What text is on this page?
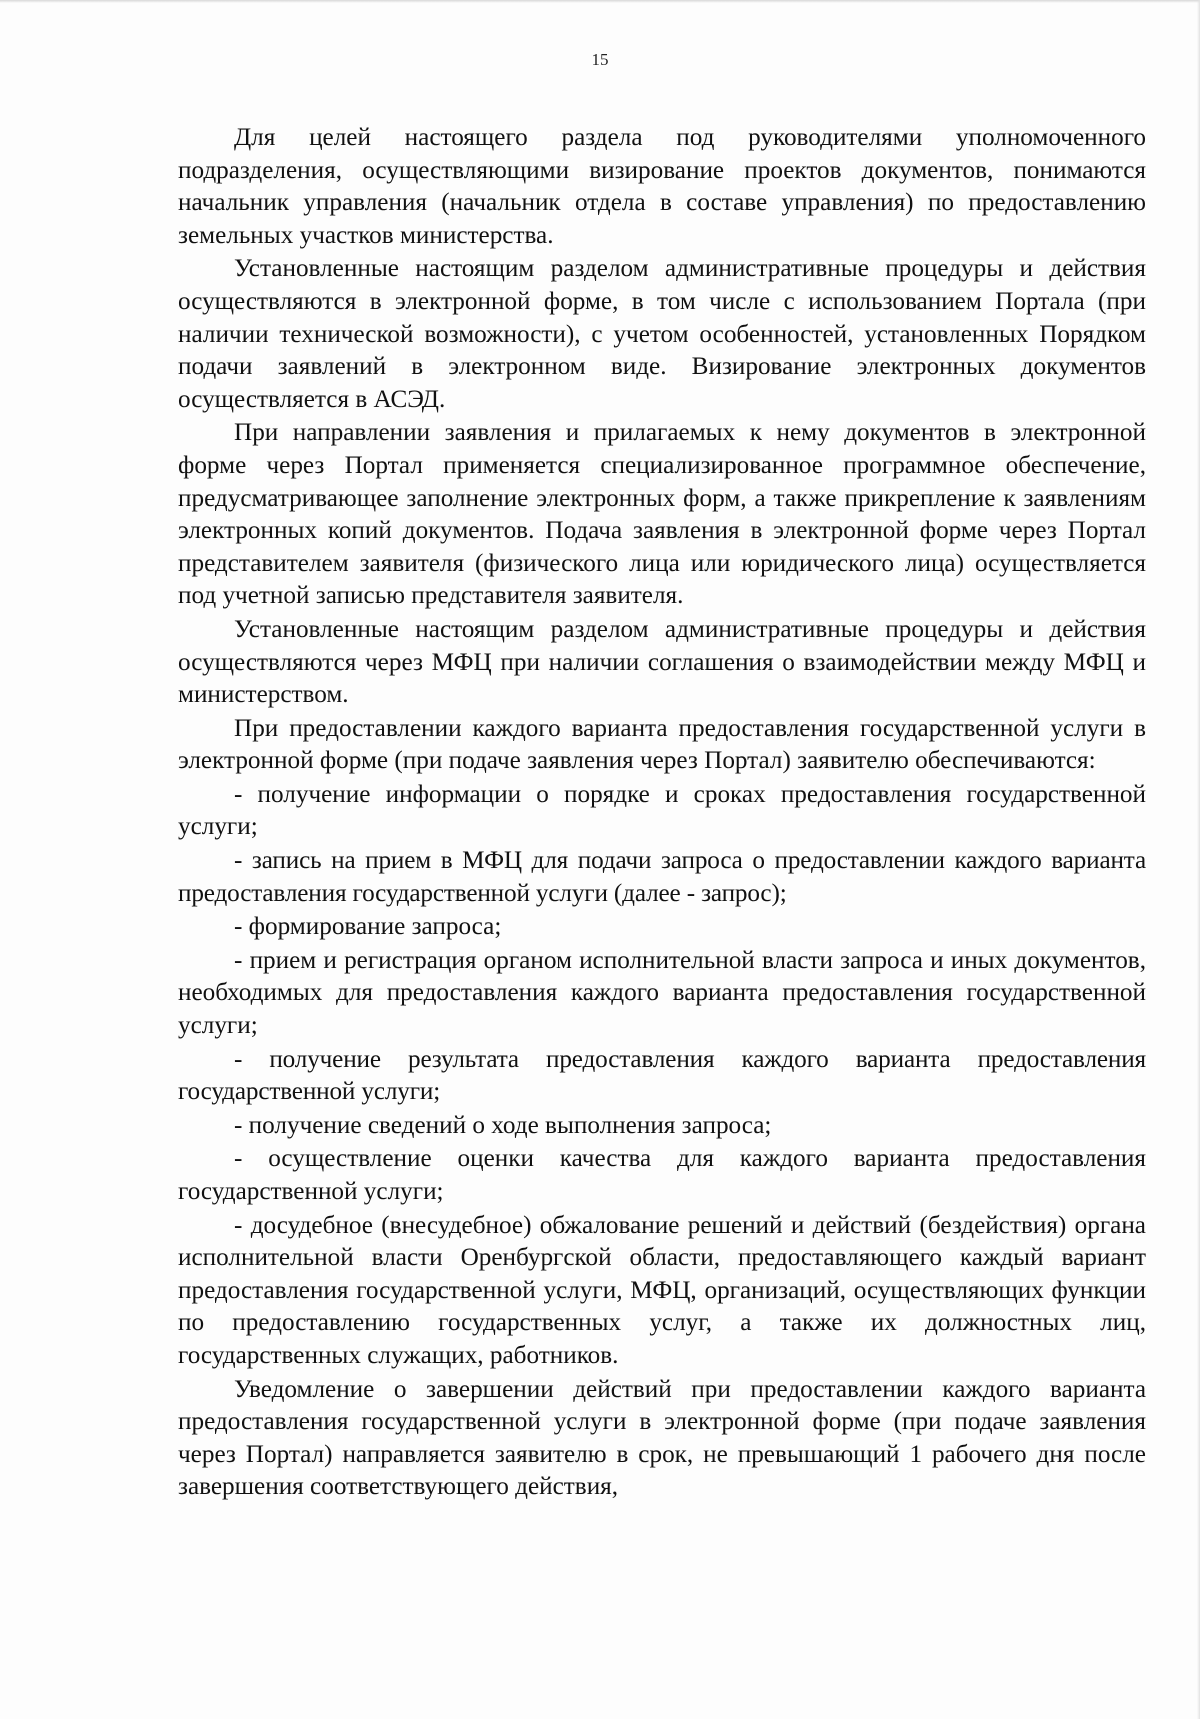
15

Для целей настоящего раздела под руководителями уполномоченного подразделения, осуществляющими визирование проектов документов, понимаются начальник управления (начальник отдела в составе управления) по предоставлению земельных участков министерства.

Установленные настоящим разделом административные процедуры и действия осуществляются в электронной форме, в том числе с использованием Портала (при наличии технической возможности), с учетом особенностей, установленных Порядком подачи заявлений в электронном виде. Визирование электронных документов осуществляется в АСЭД.

При направлении заявления и прилагаемых к нему документов в электронной форме через Портал применяется специализированное программное обеспечение, предусматривающее заполнение электронных форм, а также прикрепление к заявлениям электронных копий документов. Подача заявления в электронной форме через Портал представителем заявителя (физического лица или юридического лица) осуществляется под учетной записью представителя заявителя.

Установленные настоящим разделом административные процедуры и действия осуществляются через МФЦ при наличии соглашения о взаимодействии между МФЦ и министерством.

При предоставлении каждого варианта предоставления государственной услуги в электронной форме (при подаче заявления через Портал) заявителю обеспечиваются:

- получение информации о порядке и сроках предоставления государственной услуги;

- запись на прием в МФЦ для подачи запроса о предоставлении каждого варианта предоставления государственной услуги (далее - запрос);

- формирование запроса;

- прием и регистрация органом исполнительной власти запроса и иных документов, необходимых для предоставления каждого варианта предоставления государственной услуги;

- получение результата предоставления каждого варианта предоставления государственной услуги;

- получение сведений о ходе выполнения запроса;

- осуществление оценки качества для каждого варианта предоставления государственной услуги;

- досудебное (внесудебное) обжалование решений и действий (бездействия) органа исполнительной власти Оренбургской области, предоставляющего каждый вариант предоставления государственной услуги, МФЦ, организаций, осуществляющих функции по предоставлению государственных услуг, а также их должностных лиц, государственных служащих, работников.

Уведомление о завершении действий при предоставлении каждого варианта предоставления государственной услуги в электронной форме (при подаче заявления через Портал) направляется заявителю в срок, не превышающий 1 рабочего дня после завершения соответствующего действия,
